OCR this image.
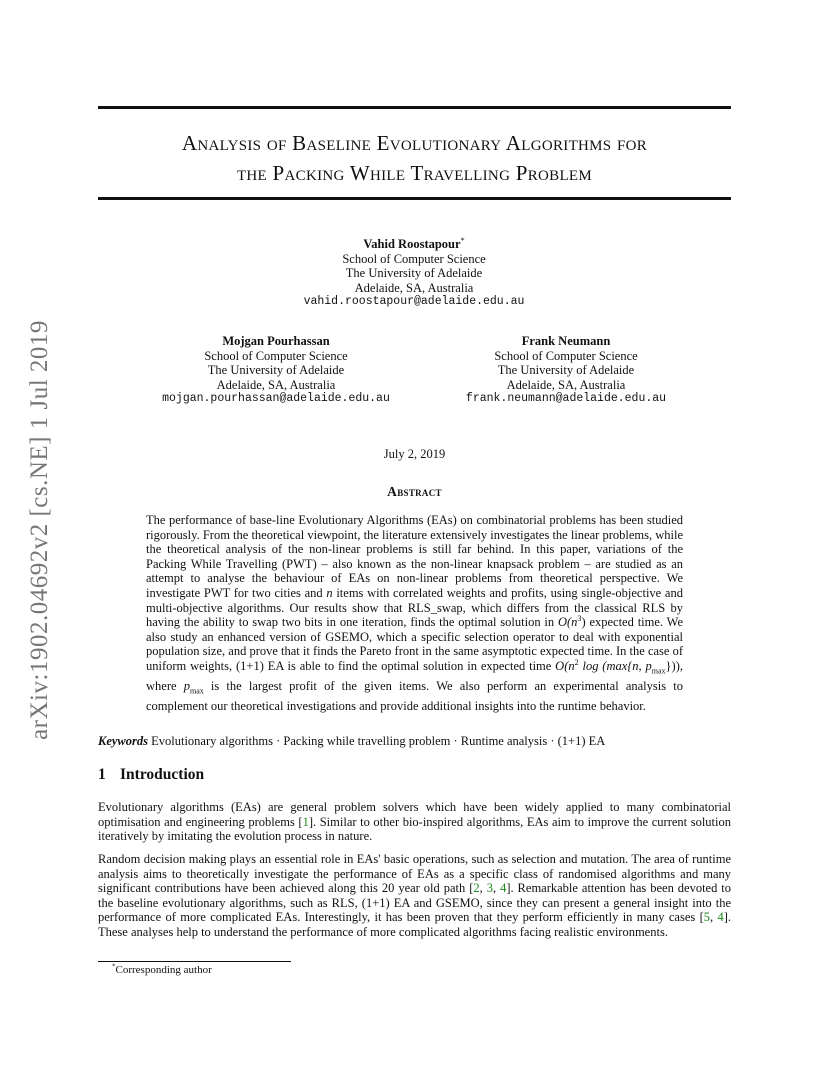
arXiv:1902.04692v2 [cs.NE] 1 Jul 2019
Analysis of Baseline Evolutionary Algorithms for
the Packing While Travelling Problem
Vahid Roostapour*
School of Computer Science
The University of Adelaide
Adelaide, SA, Australia
vahid.roostapour@adelaide.edu.au
Mojgan Pourhassan
School of Computer Science
The University of Adelaide
Adelaide, SA, Australia
mojgan.pourhassan@adelaide.edu.au
Frank Neumann
School of Computer Science
The University of Adelaide
Adelaide, SA, Australia
frank.neumann@adelaide.edu.au
July 2, 2019
Abstract
The performance of base-line Evolutionary Algorithms (EAs) on combinatorial problems has been studied rigorously. From the theoretical viewpoint, the literature extensively investigates the linear problems, while the theoretical analysis of the non-linear problems is still far behind. In this paper, variations of the Packing While Travelling (PWT) – also known as the non-linear knapsack problem – are studied as an attempt to analyse the behaviour of EAs on non-linear problems from theoretical perspective. We investigate PWT for two cities and n items with correlated weights and profits, using single-objective and multi-objective algorithms. Our results show that RLS_swap, which differs from the classical RLS by having the ability to swap two bits in one iteration, finds the optimal solution in $O(n^3)$ expected time. We also study an enhanced version of GSEMO, which a specific selection operator to deal with exponential population size, and prove that it finds the Pareto front in the same asymptotic expected time. In the case of uniform weights, (1+1) EA is able to find the optimal solution in expected time $O(n^2$ log (max{n, $p_{max}$})), where $p_{max}$ is the largest profit of the given items. We also perform an experimental analysis to complement our theoretical investigations and provide additional insights into the runtime behavior.
Keywords Evolutionary algorithms · Packing while travelling problem · Runtime analysis · (1+1) EA
1 Introduction
Evolutionary algorithms (EAs) are general problem solvers which have been widely applied to many combinatorial optimisation and engineering problems [1]. Similar to other bio-inspired algorithms, EAs aim to improve the current solution iteratively by imitating the evolution process in nature.
Random decision making plays an essential role in EAs' basic operations, such as selection and mutation. The area of runtime analysis aims to theoretically investigate the performance of EAs as a specific class of randomised algorithms and many significant contributions have been achieved along this 20 year old path [2, 3, 4]. Remarkable attention has been devoted to the baseline evolutionary algorithms, such as RLS, (1+1) EA and GSEMO, since they can present a general insight into the performance of more complicated EAs. Interestingly, it has been proven that they perform efficiently in many cases [5, 4]. These analyses help to understand the performance of more complicated algorithms facing realistic environments.
*Corresponding author
